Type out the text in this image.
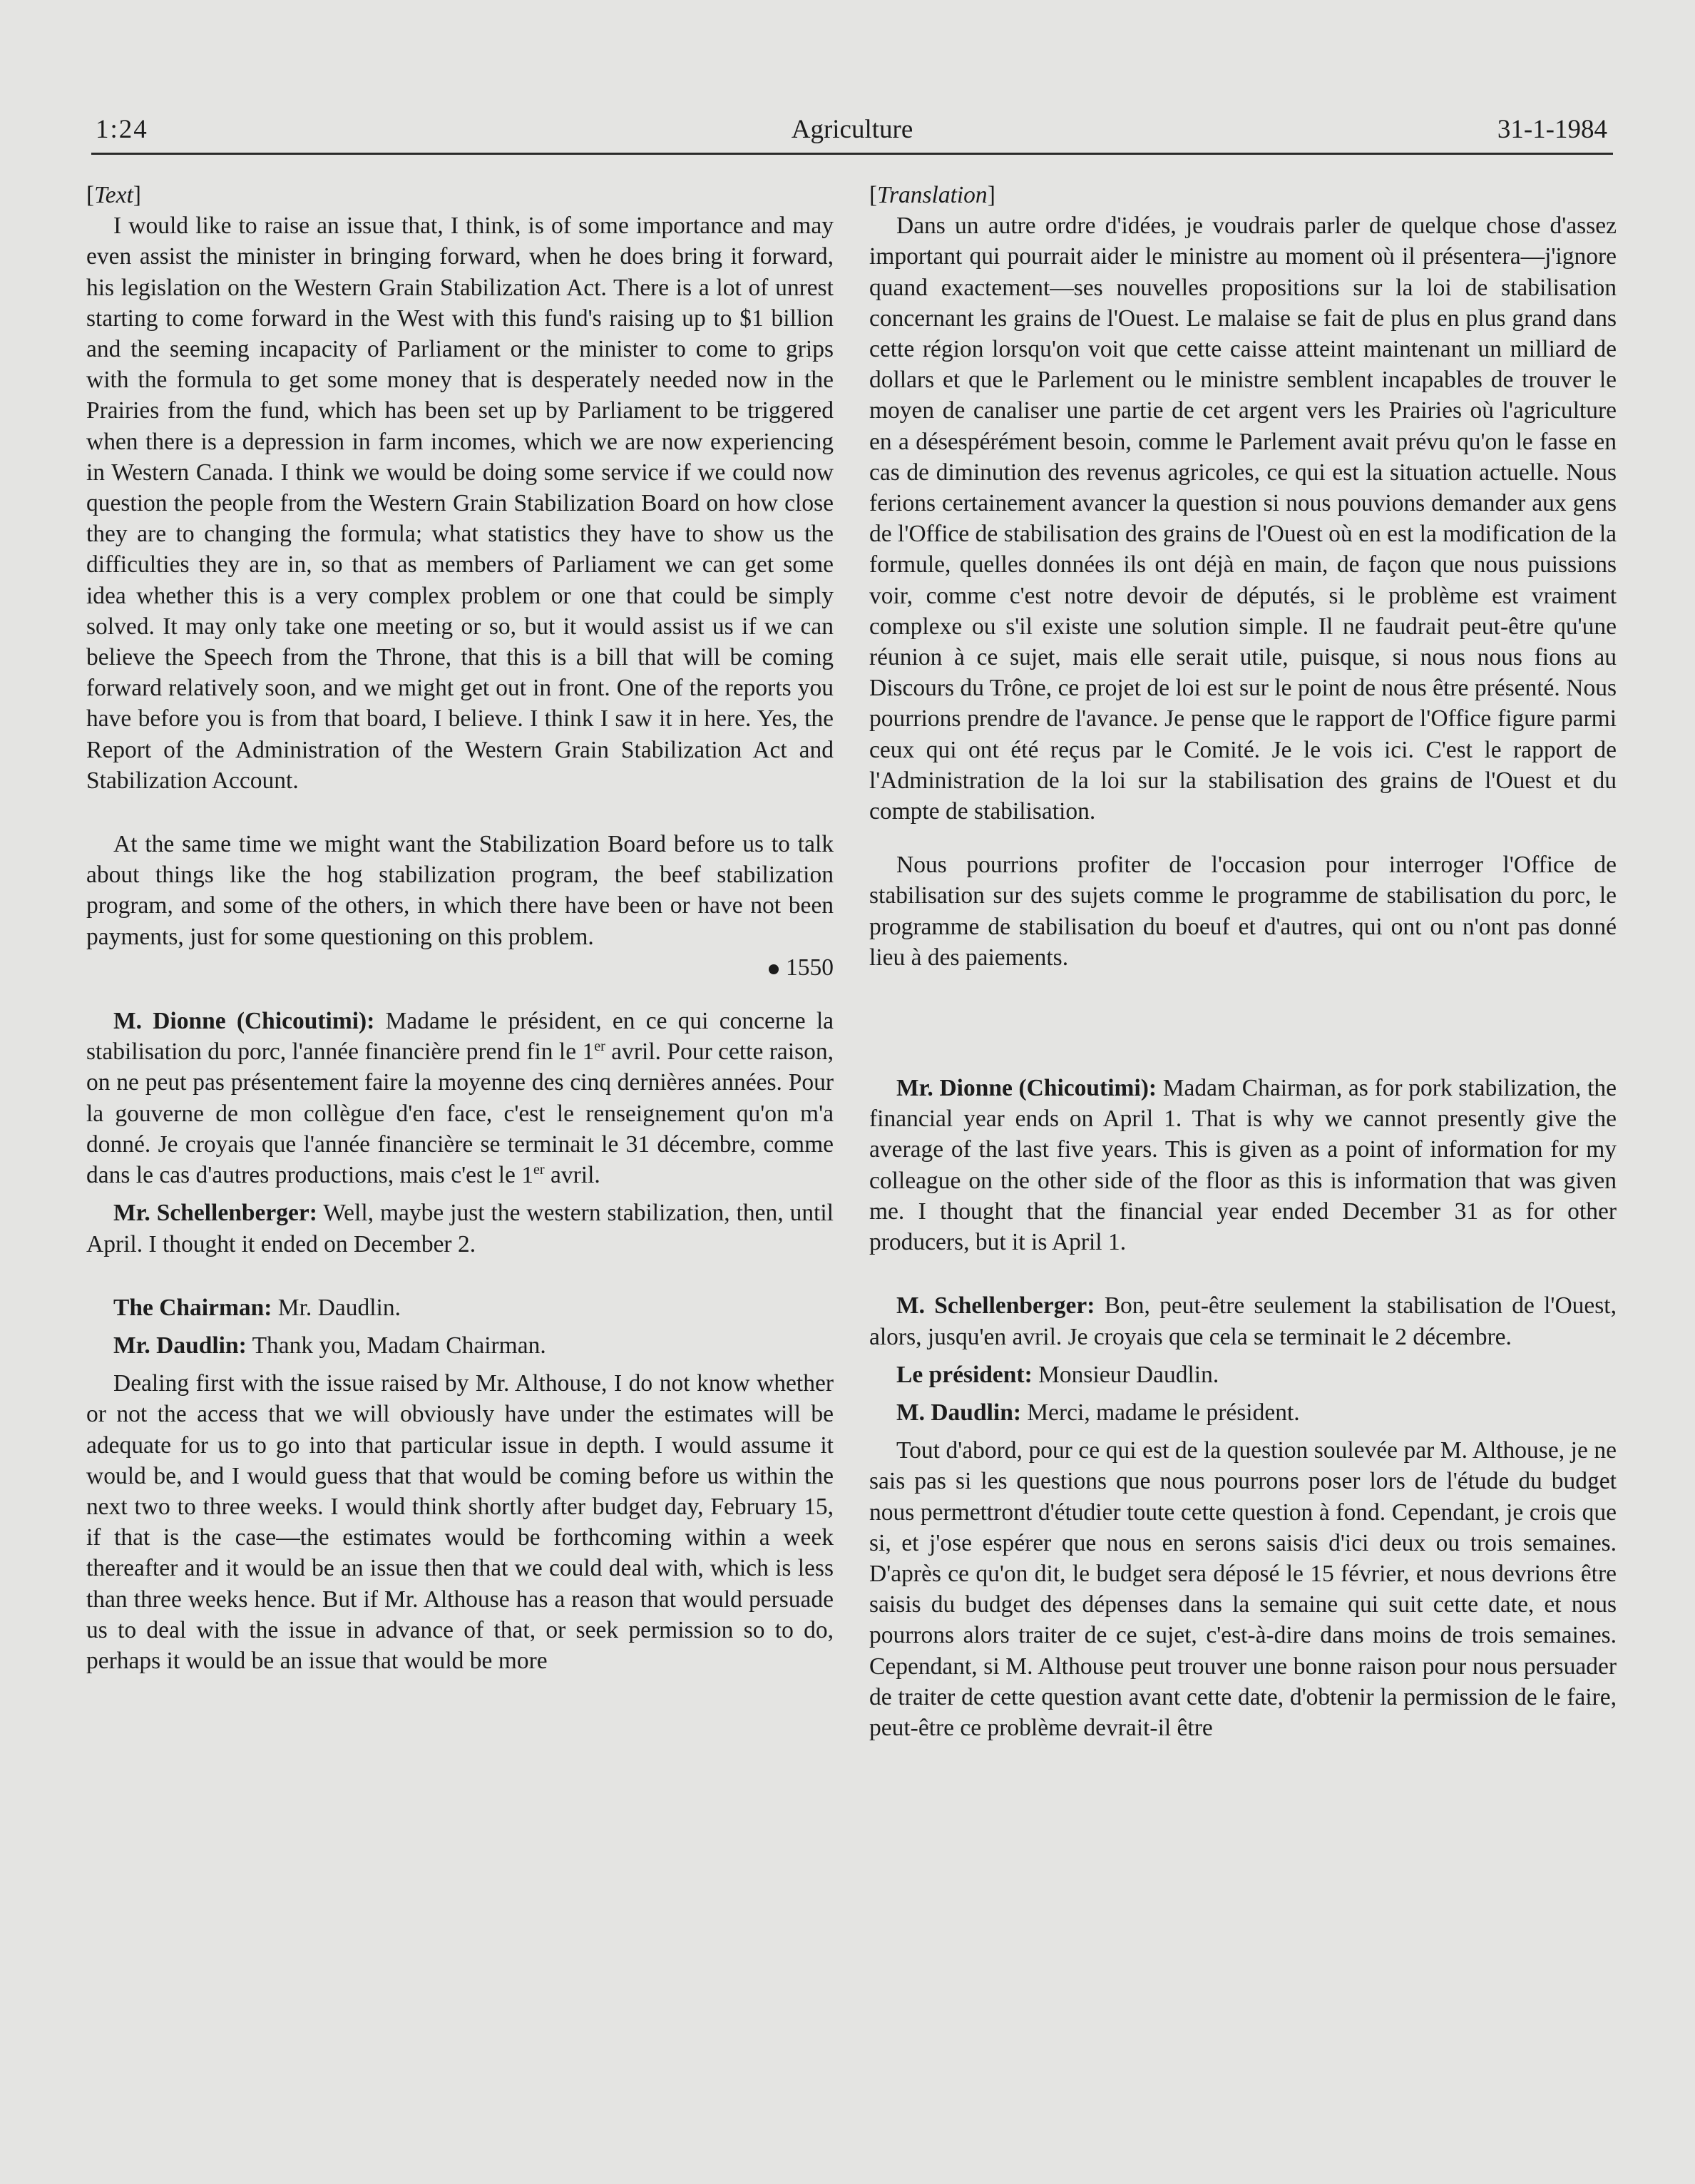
1:24	Agriculture	31-1-1984

[Text]

I would like to raise an issue that, I think, is of some importance and may even assist the minister in bringing forward, when he does bring it forward, his legislation on the Western Grain Stabilization Act. There is a lot of unrest starting to come forward in the West with this fund's raising up to $1 billion and the seeming incapacity of Parliament or the minister to come to grips with the formula to get some money that is desperately needed now in the Prairies from the fund, which has been set up by Parliament to be triggered when there is a depression in farm incomes, which we are now experiencing in Western Canada. I think we would be doing some service if we could now question the people from the Western Grain Stabilization Board on how close they are to changing the formula; what statistics they have to show us the difficulties they are in, so that as members of Parliament we can get some idea whether this is a very complex problem or one that could be simply solved. It may only take one meeting or so, but it would assist us if we can believe the Speech from the Throne, that this is a bill that will be coming forward relatively soon, and we might get out in front. One of the reports you have before you is from that board, I believe. I think I saw it in here. Yes, the Report of the Administration of the Western Grain Stabilization Act and Stabilization Account.

At the same time we might want the Stabilization Board before us to talk about things like the hog stabilization program, the beef stabilization program, and some of the others, in which there have been or have not been payments, just for some questioning on this problem.

1550

M. Dionne (Chicoutimi): Madame le président, en ce qui concerne la stabilisation du porc, l'année financière prend fin le 1er avril. Pour cette raison, on ne peut pas présentement faire la moyenne des cinq dernières années. Pour la gouverne de mon collègue d'en face, c'est le renseignement qu'on m'a donné. Je croyais que l'année financière se terminait le 31 décembre, comme dans le cas d'autres productions, mais c'est le 1er avril.

Mr. Schellenberger: Well, maybe just the western stabilization, then, until April. I thought it ended on December 2.

The Chairman: Mr. Daudlin.

Mr. Daudlin: Thank you, Madam Chairman.

Dealing first with the issue raised by Mr. Althouse, I do not know whether or not the access that we will obviously have under the estimates will be adequate for us to go into that particular issue in depth. I would assume it would be, and I would guess that that would be coming before us within the next two to three weeks. I would think shortly after budget day, February 15, if that is the case—the estimates would be forthcoming within a week thereafter and it would be an issue then that we could deal with, which is less than three weeks hence. But if Mr. Althouse has a reason that would persuade us to deal with the issue in advance of that, or seek permission so to do, perhaps it would be an issue that would be more

[Translation]

Dans un autre ordre d'idées, je voudrais parler de quelque chose d'assez important qui pourrait aider le ministre au moment où il présentera—j'ignore quand exactement—ses nouvelles propositions sur la loi de stabilisation concernant les grains de l'Ouest. Le malaise se fait de plus en plus grand dans cette région lorsqu'on voit que cette caisse atteint maintenant un milliard de dollars et que le Parlement ou le ministre semblent incapables de trouver le moyen de canaliser une partie de cet argent vers les Prairies où l'agriculture en a désespérément besoin, comme le Parlement avait prévu qu'on le fasse en cas de diminution des revenus agricoles, ce qui est la situation actuelle. Nous ferions certainement avancer la question si nous pouvions demander aux gens de l'Office de stabilisation des grains de l'Ouest où en est la modification de la formule, quelles données ils ont déjà en main, de façon que nous puissions voir, comme c'est notre devoir de députés, si le problème est vraiment complexe ou s'il existe une solution simple. Il ne faudrait peut-être qu'une réunion à ce sujet, mais elle serait utile, puisque, si nous nous fions au Discours du Trône, ce projet de loi est sur le point de nous être présenté. Nous pourrions prendre de l'avance. Je pense que le rapport de l'Office figure parmi ceux qui ont été reçus par le Comité. Je le vois ici. C'est le rapport de l'Administration de la loi sur la stabilisation des grains de l'Ouest et du compte de stabilisation.

Nous pourrions profiter de l'occasion pour interroger l'Office de stabilisation sur des sujets comme le programme de stabilisation du porc, le programme de stabilisation du boeuf et d'autres, qui ont ou n'ont pas donné lieu à des paiements.

Mr. Dionne (Chicoutimi): Madam Chairman, as for pork stabilization, the financial year ends on April 1. That is why we cannot presently give the average of the last five years. This is given as a point of information for my colleague on the other side of the floor as this is information that was given me. I thought that the financial year ended December 31 as for other producers, but it is April 1.

M. Schellenberger: Bon, peut-être seulement la stabilisation de l'Ouest, alors, jusqu'en avril. Je croyais que cela se terminait le 2 décembre.

Le président: Monsieur Daudlin.

M. Daudlin: Merci, madame le président.

Tout d'abord, pour ce qui est de la question soulevée par M. Althouse, je ne sais pas si les questions que nous pourrons poser lors de l'étude du budget nous permettront d'étudier toute cette question à fond. Cependant, je crois que si, et j'ose espérer que nous en serons saisis d'ici deux ou trois semaines. D'après ce qu'on dit, le budget sera déposé le 15 février, et nous devrions être saisis du budget des dépenses dans la semaine qui suit cette date, et nous pourrons alors traiter de ce sujet, c'est-à-dire dans moins de trois semaines. Cependant, si M. Althouse peut trouver une bonne raison pour nous persuader de traiter de cette question avant cette date, d'obtenir la permission de le faire, peut-être ce problème devrait-il être
